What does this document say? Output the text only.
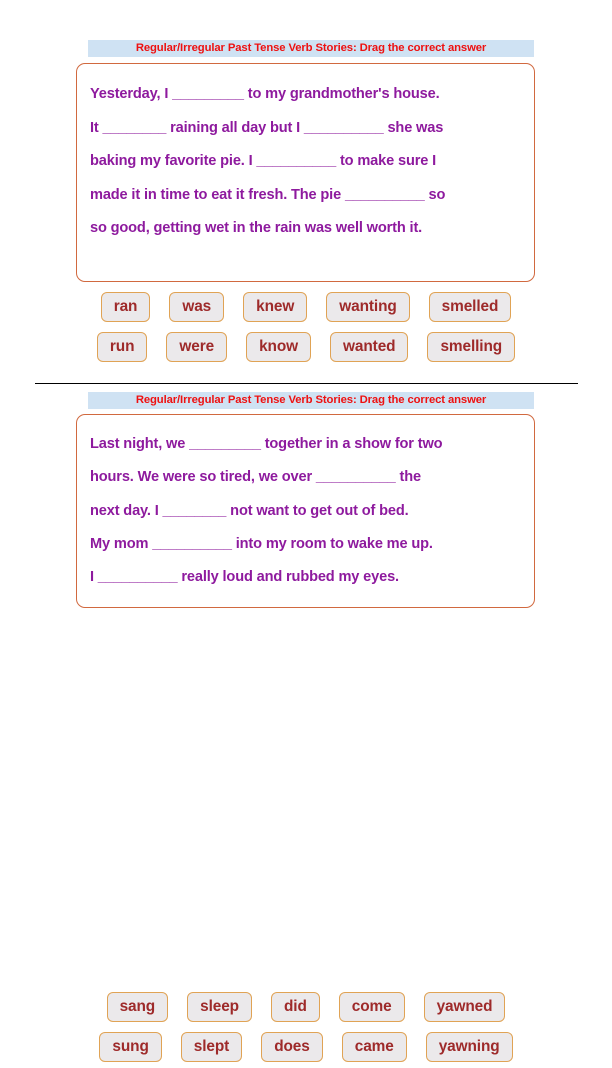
Regular/Irregular Past Tense Verb Stories: Drag the correct answer
Yesterday, I _________ to my grandmother's house.
It ________ raining all day but I __________ she was
baking my favorite pie. I __________ to make sure I
made it in time to eat it fresh. The pie __________ so
so good, getting wet in the rain was well worth it.
ran	was	knew	wanting	smelled
run	were	know	wanted	smelling
Regular/Irregular Past Tense Verb Stories: Drag the correct answer
Last night, we _________ together in a show for two
hours. We were so tired, we over __________ the
next day. I ________ not want to get out of bed.
My mom __________ into my room to wake me up.
I __________ really loud and rubbed my eyes.
sang	sleep	did	come	yawned
sung	slept	does	came	yawning
